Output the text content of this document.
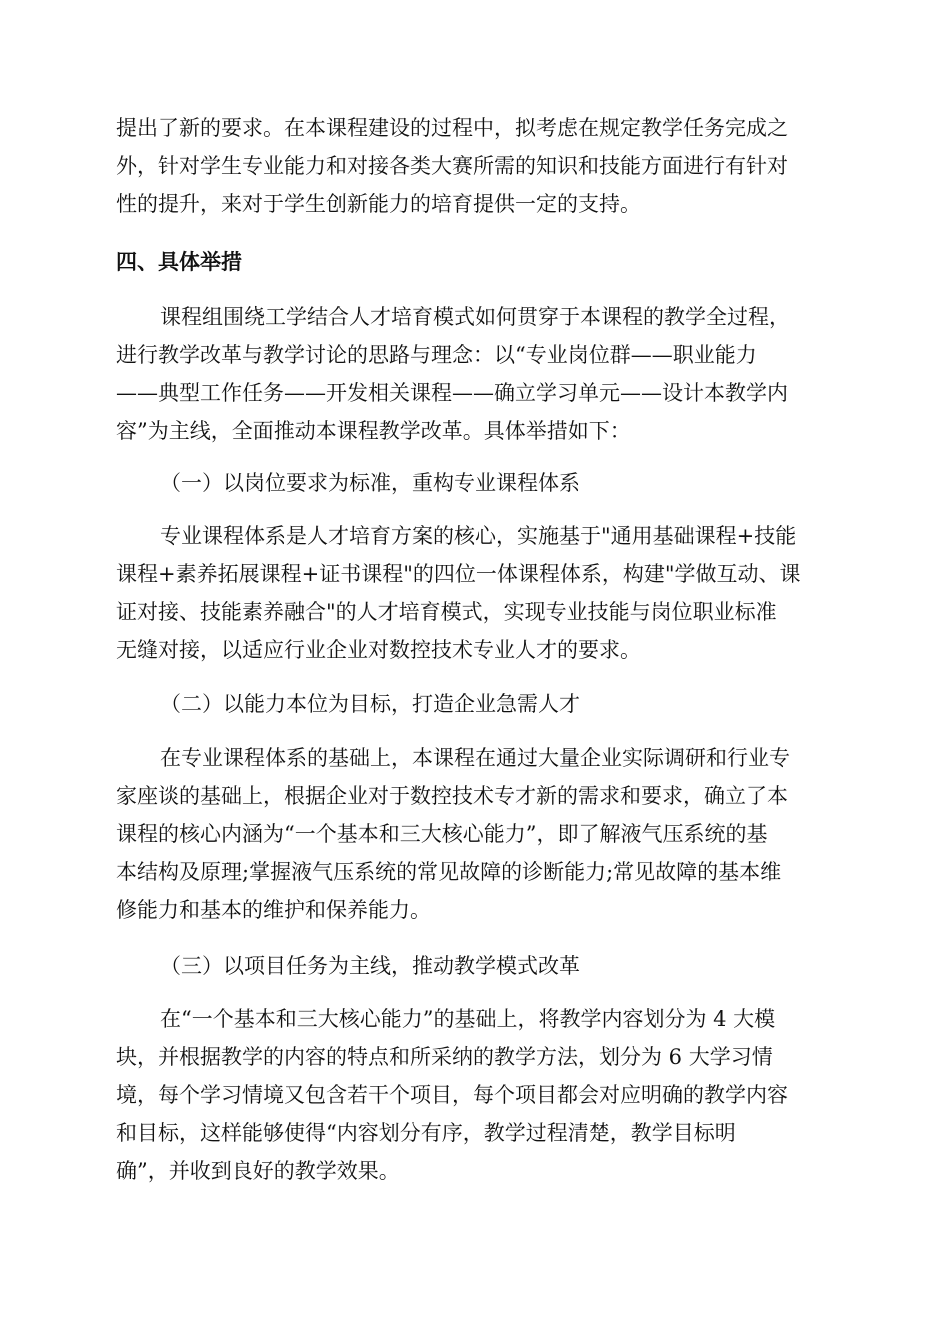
提出了新的要求。在本课程建设的过程中，拟考虑在规定教学任务完成之
外，针对学生专业能力和对接各类大赛所需的知识和技能方面进行有针对
性的提升，来对于学生创新能力的培育提供一定的支持。
四、具体举措
课程组围绕工学结合人才培育模式如何贯穿于本课程的教学全过程，
进行教学改革与教学讨论的思路与理念：以“专业岗位群——职业能力
——典型工作任务——开发相关课程——确立学习单元——设计本教学内
容”为主线，全面推动本课程教学改革。具体举措如下：
（一）以岗位要求为标准，重构专业课程体系
专业课程体系是人才培育方案的核心，实施基于"通用基础课程+技能
课程+素养拓展课程+证书课程"的四位一体课程体系，构建"学做互动、课
证对接、技能素养融合"的人才培育模式，实现专业技能与岗位职业标准
无缝对接，以适应行业企业对数控技术专业人才的要求。
（二）以能力本位为目标，打造企业急需人才
在专业课程体系的基础上，本课程在通过大量企业实际调研和行业专
家座谈的基础上，根据企业对于数控技术专才新的需求和要求，确立了本
课程的核心内涵为“一个基本和三大核心能力”，即了解液气压系统的基
本结构及原理;掌握液气压系统的常见故障的诊断能力;常见故障的基本维
修能力和基本的维护和保养能力。
（三）以项目任务为主线，推动教学模式改革
在“一个基本和三大核心能力”的基础上，将教学内容划分为 4 大模
块，并根据教学的内容的特点和所采纳的教学方法，划分为 6 大学习情
境，每个学习情境又包含若干个项目，每个项目都会对应明确的教学内容
和目标，这样能够使得“内容划分有序，教学过程清楚，教学目标明
确”，并收到良好的教学效果。
